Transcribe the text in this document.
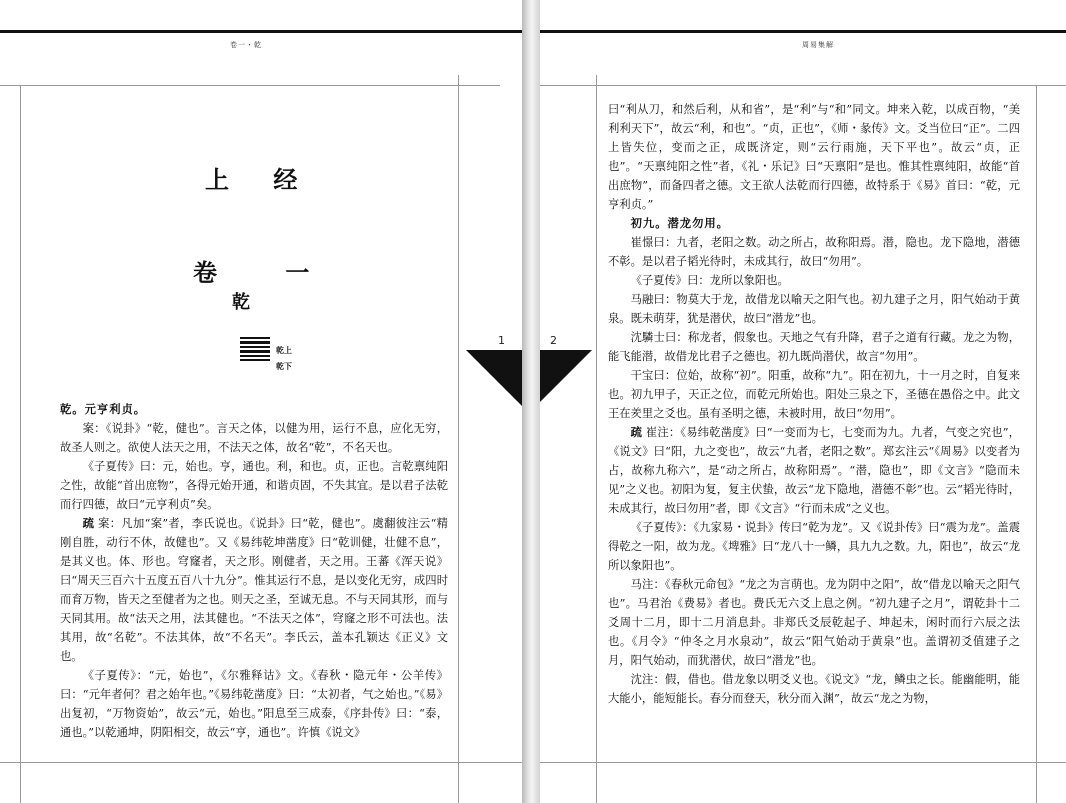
卷一・乾
上 经
卷 一
乾
乾上
乾下

乾。元亨利贞。

案：《说卦》“乾，健也”。言天之体，以健为用，运行不息，应化无穷，故圣人则之。欲使人法天之用，不法天之体，故名“乾”，不名天也。

《子夏传》曰：元，始也。亨，通也。利，和也。贞，正也。言乾禀纯阳之性，故能“首出庶物”，各得元始开通，和谐贞固，不失其宜。是以君子法乾而行四德，故曰“元亨利贞”矣。

疏 案：凡加“案”者，李氏说也。《说卦》曰“乾，健也”。虞翻彼注云“精刚自胜，动行不休，故健也”。又《易纬乾坤凿度》曰“乾训健，壮健不息”，是其义也。体、形也。穹窿者，天之形。刚健者，天之用。王蕃《浑天说》曰“周天三百六十五度五百八十九分”。惟其运行不息，是以变化无穷，成四时而育万物，皆天之至健者为之也。则天之圣，至诚无息。不与天同其形，而与天同其用。故“法天之用，法其健也。“不法天之体”，穹窿之形不可法也。法其用，故“名乾”。不法其体，故“不名天”。李氏云，盖本孔颖达《正义》文也。

《子夏传》：“元，始也”，《尔雅释诂》文。《春秋・隐元年・公羊传》曰：“元年者何？君之始年也。”《易纬乾凿度》曰：“太初者，气之始也。”《易》出复初，“万物资始”，故云“元，始也。”阳息至三成泰，《序卦传》曰：“泰，通也。”以乾通坤，阴阳相交，故云“亨，通也”。许慎《说文》

1
周易集解
2

曰“利从刀，和然后利，从和省”，是“利”与“和”同文。坤来入乾，以成百物，“美利利天下”，故云“利，和也”。“贞，正也”，《师・彖传》文。爻当位曰“正”。二四上皆失位，变而之正，成既济定，则“云行雨施，天下平也”。故云“贞，正也”。“天禀纯阳之性”者，《礼・乐记》曰“天禀阳”是也。惟其性禀纯阳，故能“首出庶物”，而备四者之德。文王欲人法乾而行四德，故特系于《易》首曰：“乾，元亨利贞。”

初九。潜龙勿用。

崔憬曰：九者，老阳之数。动之所占，故称阳焉。潜，隐也。龙下隐地，潜德不彰。是以君子韬光待时，未成其行，故曰“勿用”。

《子夏传》曰：龙所以象阳也。

马融曰：物莫大于龙，故借龙以喻天之阳气也。初九建子之月，阳气始动于黄泉。既未萌芽，犹是潜伏，故曰“潜龙”也。

沈驎士曰：称龙者，假象也。天地之气有升降，君子之道有行藏。龙之为物，能飞能潜，故借龙比君子之德也。初九既尚潜伏，故言“勿用”。

干宝曰：位始，故称“初”。阳重，故称“九”。阳在初九，十一月之时，自复来也。初九甲子，天正之位，而乾元所始也。阳处三泉之下，圣德在愚俗之中。此文王在羑里之爻也。虽有圣明之德，未被时用，故曰“勿用”。

疏 崔注：《易纬乾凿度》曰“一变而为七，七变而为九。九者，气变之究也”，《说文》曰“阳，九之变也”，故云“九者，老阳之数”。郑玄注云“《周易》以变者为占，故称九称六”，是“动之所占，故称阳焉”。“潜，隐也”，即《文言》“隐而未见”之义也。初阳为复，复主伏蛰，故云“龙下隐地，潜德不彰”也。云“韬光待时，未成其行，故曰勿用”者，即《文言》“行而未成”之义也。

《子夏传》：《九家易・说卦》传曰“乾为龙”。又《说卦传》曰“震为龙”。盖震得乾之一阳，故为龙。《埤雅》曰“龙八十一鳞，具九九之数。九，阳也”，故云“龙所以象阳也”。

马注：《春秋元命包》“龙之为言萌也。龙为阴中之阳”，故“借龙以喻天之阳气也”。马君治《费易》者也。费氏无六爻上息之例。“初九建子之月”，谓乾卦十二爻周十二月，即十二月消息卦。非郑氏爻辰乾起子、坤起未，闲时而行六辰之法也。《月令》“仲冬之月水泉动”，故云“阳气始动于黄泉”也。盖谓初爻值建子之月，阳气始动，而犹潜伏，故曰“潜龙”也。

沈注：假，借也。借龙象以明爻义也。《说文》“龙，鳞虫之长。能幽能明，能大能小，能短能长。春分而登天，秋分而入渊”，故云“龙之为物，
